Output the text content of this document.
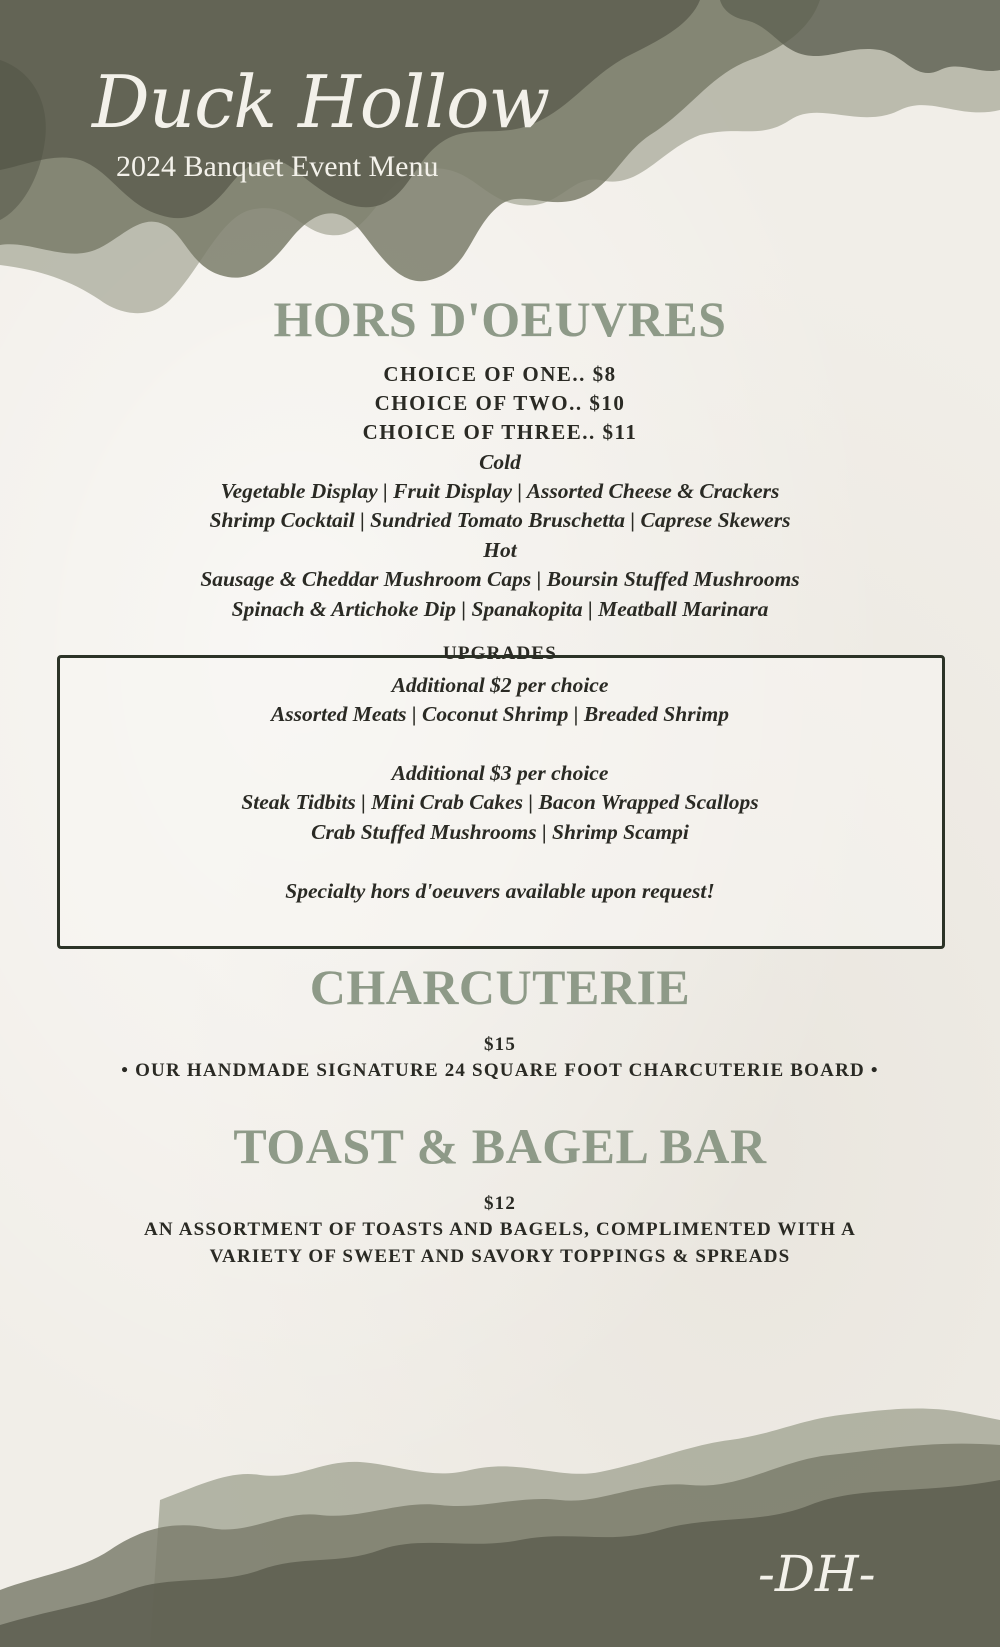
Duck Hollow
2024 Banquet Event Menu
HORS D'OEUVRES
CHOICE OF ONE.. $8
CHOICE OF TWO.. $10
CHOICE OF THREE.. $11
Cold
Vegetable Display | Fruit Display | Assorted Cheese & Crackers
Shrimp Cocktail | Sundried Tomato Bruschetta | Caprese Skewers
Hot
Sausage & Cheddar Mushroom Caps | Boursin Stuffed Mushrooms
Spinach & Artichoke Dip | Spanakopita | Meatball Marinara
UPGRADES
Additional $2 per choice
Assorted Meats | Coconut Shrimp | Breaded Shrimp
Additional $3 per choice
Steak Tidbits | Mini Crab Cakes | Bacon Wrapped Scallops
Crab Stuffed Mushrooms | Shrimp Scampi
Specialty hors d'oeuvers available upon request!
CHARCUTERIE
$15
• OUR HANDMADE SIGNATURE 24 SQUARE FOOT CHARCUTERIE BOARD •
TOAST & BAGEL BAR
$12
AN ASSORTMENT OF TOASTS AND BAGELS, COMPLIMENTED WITH A
VARIETY OF SWEET AND SAVORY TOPPINGS & SPREADS
-DH-
